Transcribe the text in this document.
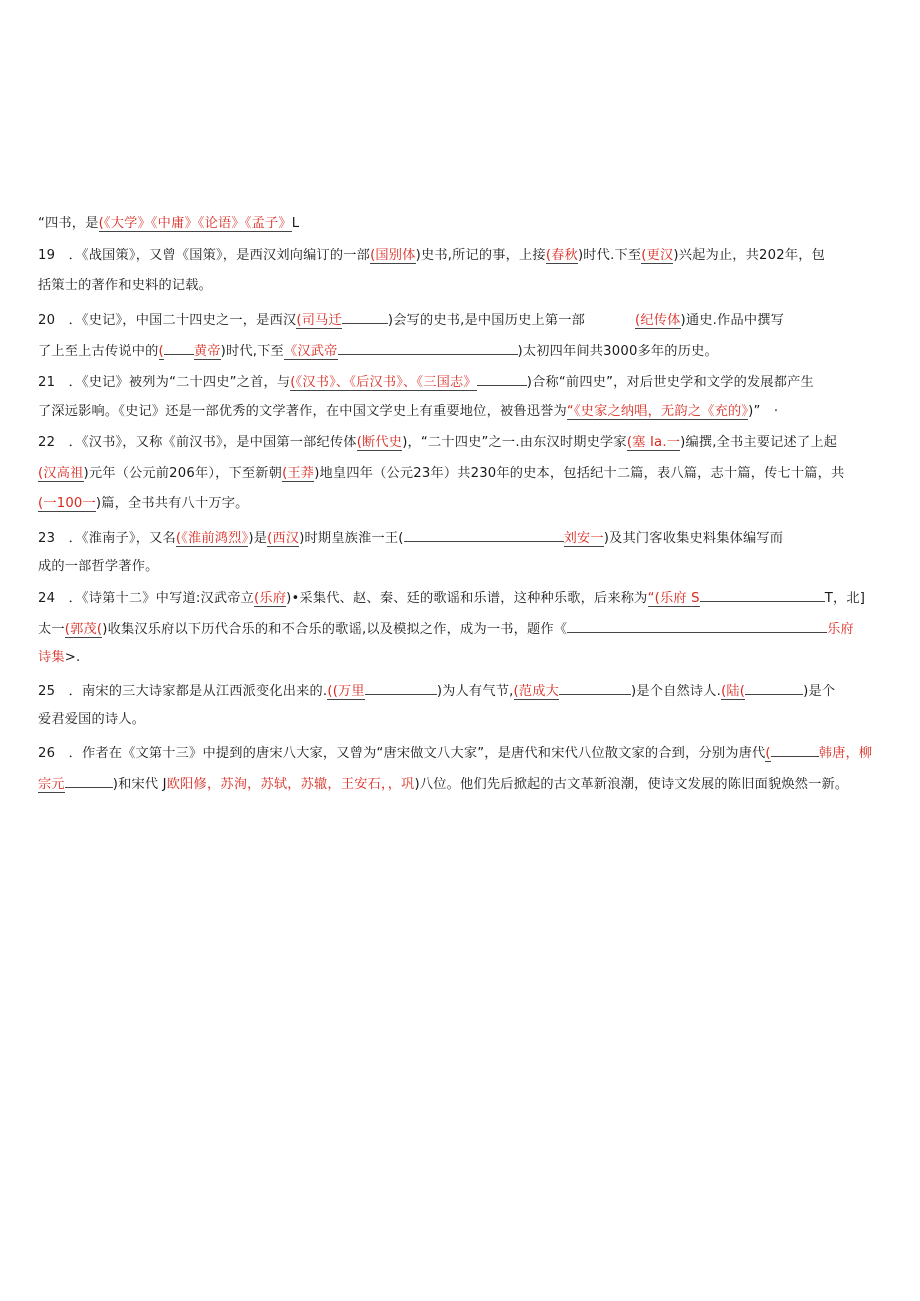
“四书，是(《大学》《中庸》《论语》《孟子》L
19　．《战国策》，又曾《国策》，是西汉刘向编订的一部(国别体)史书,所记的事，上接(春秋)时代.下至(更汉)兴起为止，共202年，包
括策士的著作和史料的记载。
20　．《史记》，中国二十四史之一，是西汉(司马迁	)会写的史书,是中国历史上第一部	(纪传体)通史.作品中撰写
了上至上古传说中的( 黄帝)时代,下至《汉武帝	)太初四年间共3000多年的历史。
21　．《史记》被列为“二十四史”之首，与(《汉书》、《后汉书》、《三国志》	)合称“前四史”，对后世史学和文学的发展都产生
了深远影响。《史记》还是一部优秀的文学著作，在中国文学史上有重要地位，被鲁迅誉为“《史家之纳唱，无韵之《充的》)”　·
22　．《汉书》，又称《前汉书》，是中国第一部纪传体(断代史)，“二十四史”之一.由东汉时期史学家(塞 Ia.一)编撰,全书主要记述了上起
(汉高祖)元年（公元前206年），下至新朝(王莽)地皇四年（公元23年）共230年的史本，包括纪十二篇，表八篇，志十篇，传七十篇，共
(一100一)篇，全书共有八十万字。
23　．《淮南子》，又名(《淮前鸿烈》)是(西汉)时期皇族淮一王(	刘安一)及其门客收集史料集体编写而
成的一部哲学著作。
24　．《诗第十二》中写道:汉武帝立(乐府)•采集代、赵、秦、廷的歌谣和乐谱，这种种乐歌，后来称为“(乐府 S	T，北]
太一(郭茂()收集汉乐府以下历代合乐的和不合乐的歌谣,以及模拟之作，成为一书，题作《	乐府
诗集>.
25　．南宋的三大诗家都是从江西派变化出来的.((万里	)为人有气节,(范成大	)是个自然诗人.(陆(	)是个
爱君爱国的诗人。
26　．作者在《文第十三》中提到的唐宋八大家，又曾为“唐宋做文八大家”，是唐代和宋代八位散文家的合到，分别为唐代(	韩唐，柳
宗元	)和宋代 J欧阳修，苏洵，苏轼，苏辙，王安石，，巩)八位。他们先后掀起的古文革新浪潮，使诗文发展的陈旧面貌焕然一新。
